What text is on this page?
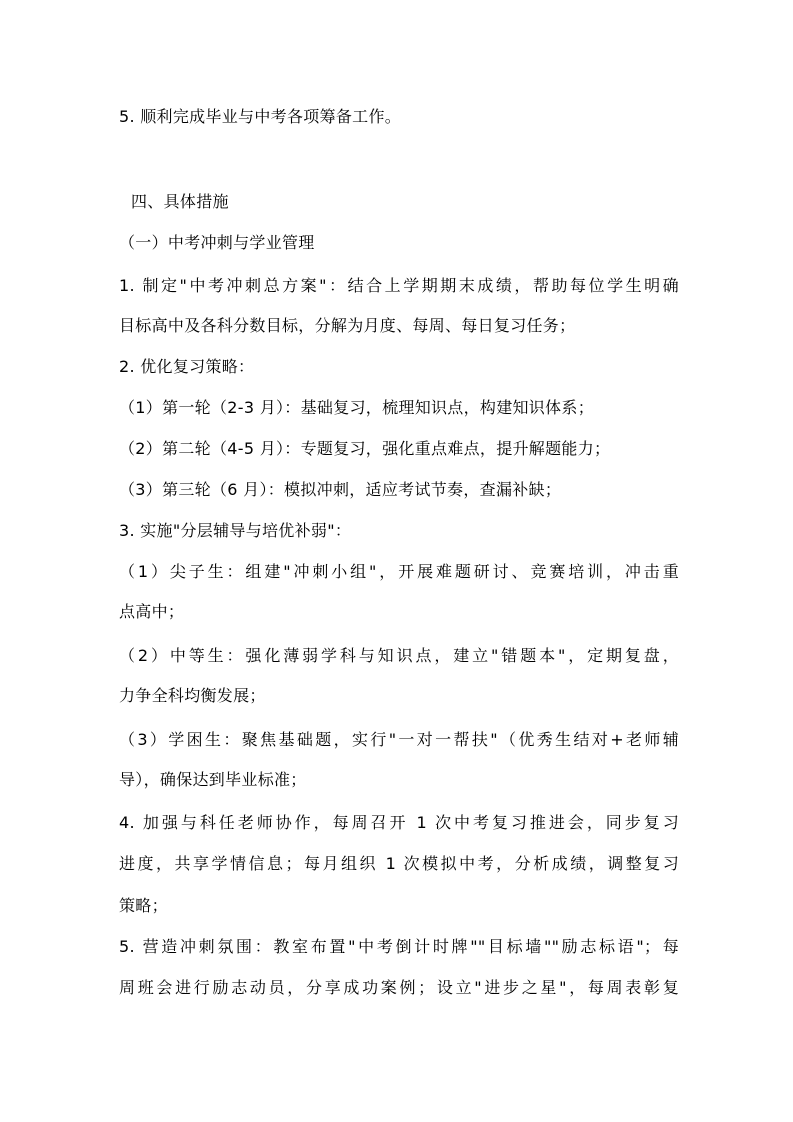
5. 顺利完成毕业与中考各项筹备工作。
四、具体措施
（一）中考冲刺与学业管理
1. 制定"中考冲刺总方案"：结合上学期期末成绩，帮助每位学生明确
目标高中及各科分数目标，分解为月度、每周、每日复习任务；
2. 优化复习策略：
（1）第一轮（2-3 月）：基础复习，梳理知识点，构建知识体系；
（2）第二轮（4-5 月）：专题复习，强化重点难点，提升解题能力；
（3）第三轮（6 月）：模拟冲刺，适应考试节奏，查漏补缺；
3. 实施"分层辅导与培优补弱"：
（1）尖子生：组建"冲刺小组"，开展难题研讨、竞赛培训，冲击重
点高中；
（2）中等生：强化薄弱学科与知识点，建立"错题本"，定期复盘，
力争全科均衡发展；
（3）学困生：聚焦基础题，实行"一对一帮扶"（优秀生结对+老师辅
导），确保达到毕业标准；
4. 加强与科任老师协作，每周召开 1 次中考复习推进会，同步复习
进度，共享学情信息；每月组织 1 次模拟中考，分析成绩，调整复习
策略；
5. 营造冲刺氛围：教室布置"中考倒计时牌""目标墙""励志标语"；每
周班会进行励志动员，分享成功案例；设立"进步之星"，每周表彰复
